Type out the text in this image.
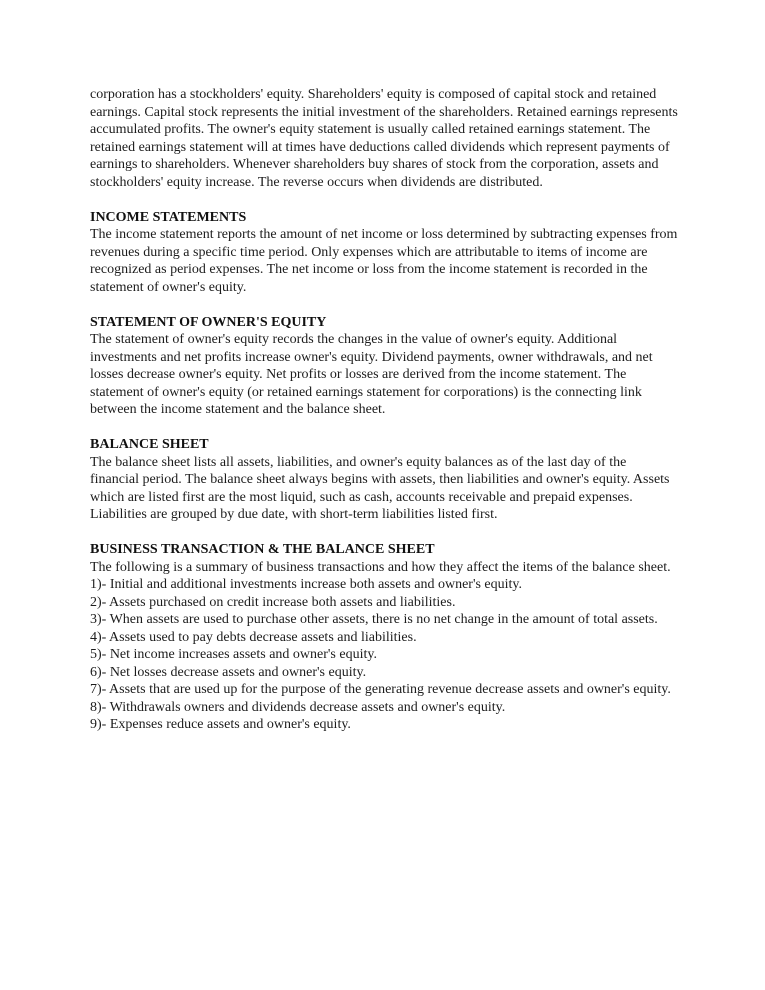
corporation has a stockholders' equity. Shareholders' equity is composed of capital stock and retained earnings. Capital stock represents the initial investment of the shareholders. Retained earnings represents accumulated profits. The owner's equity statement is usually called retained earnings statement. The retained earnings statement will at times have deductions called dividends which represent payments of earnings to shareholders. Whenever shareholders buy shares of stock from the corporation, assets and stockholders' equity increase. The reverse occurs when dividends are distributed.

INCOME STATEMENTS

The income statement reports the amount of net income or loss determined by subtracting expenses from revenues during a specific time period. Only expenses which are attributable to items of income are recognized as period expenses. The net income or loss from the income statement is recorded in the statement of owner's equity.

STATEMENT OF OWNER'S EQUITY

The statement of owner's equity records the changes in the value of owner's equity. Additional investments and net profits increase owner's equity. Dividend payments, owner withdrawals, and net losses decrease owner's equity. Net profits or losses are derived from the income statement. The statement of owner's equity (or retained earnings statement for corporations) is the connecting link between the income statement and the balance sheet.

BALANCE SHEET

The balance sheet lists all assets, liabilities, and owner's equity balances as of the last day of the financial period. The balance sheet always begins with assets, then liabilities and owner's equity. Assets which are listed first are the most liquid, such as cash, accounts receivable and prepaid expenses. Liabilities are grouped by due date, with short-term liabilities listed first.

BUSINESS TRANSACTION & THE BALANCE SHEET

The following is a summary of business transactions and how they affect the items of the balance sheet.

1)- Initial and additional investments increase both assets and owner's equity.

2)- Assets purchased on credit increase both assets and liabilities.

3)- When assets are used to purchase other assets, there is no net change in the amount of total assets.

4)- Assets used to pay debts decrease assets and liabilities.

5)- Net income increases assets and owner's equity.

6)- Net losses decrease assets and owner's equity.

7)- Assets that are used up for the purpose of the generating revenue decrease assets and owner's equity.

8)- Withdrawals owners and dividends decrease assets and owner's equity.

9)- Expenses reduce assets and owner's equity.
